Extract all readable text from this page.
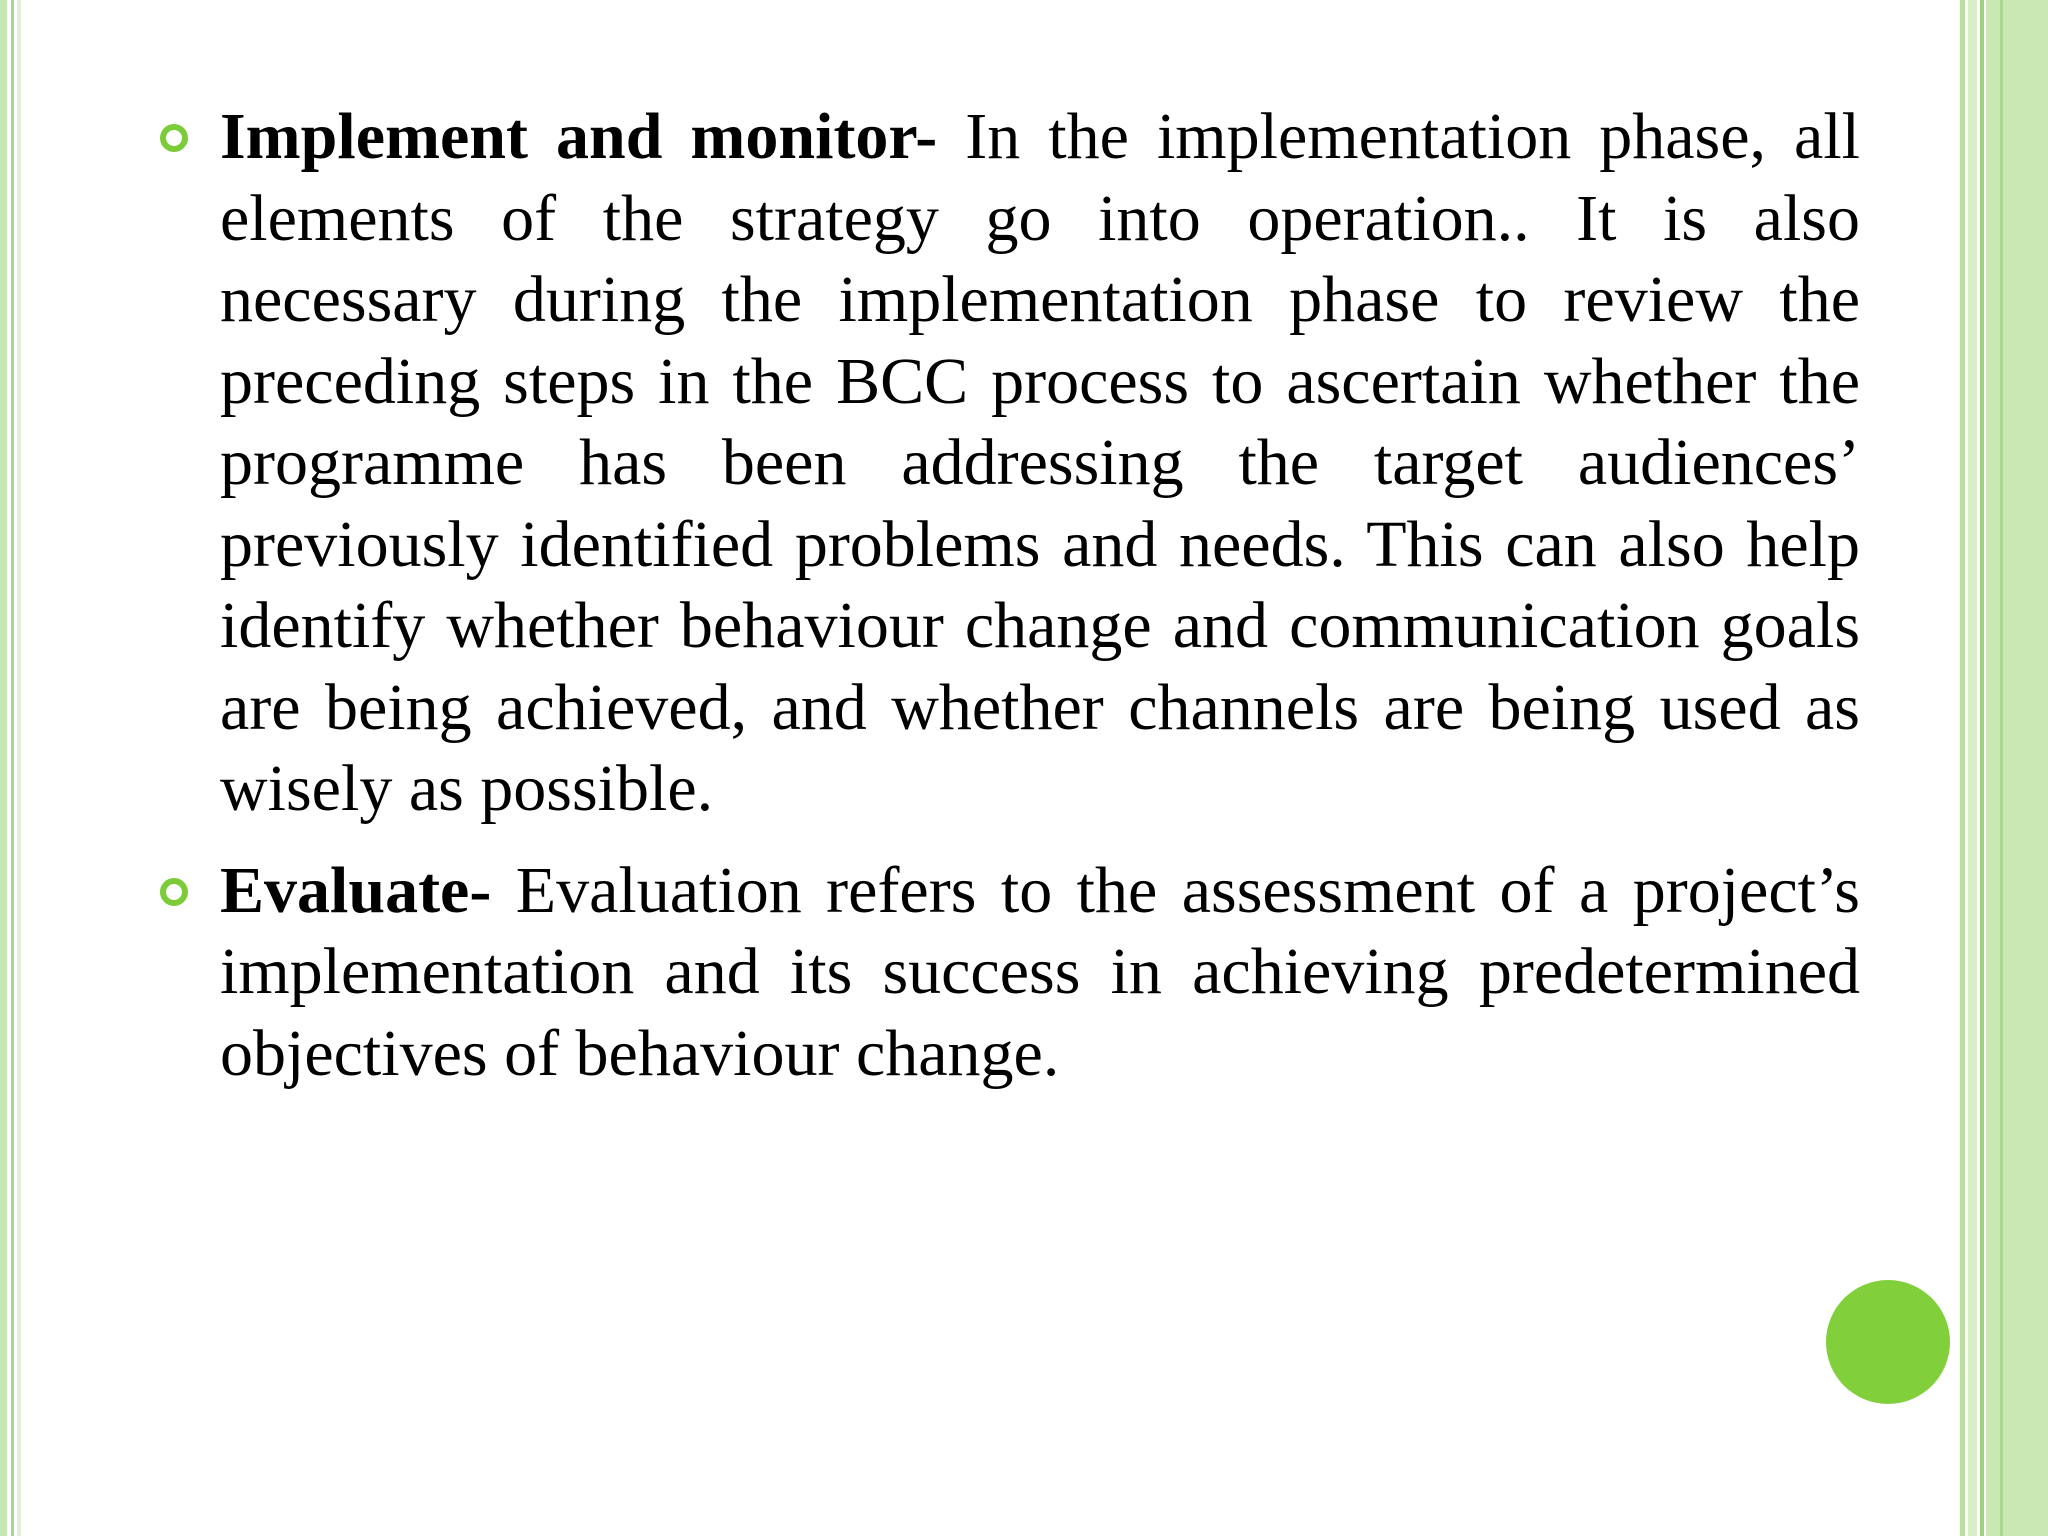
Implement and monitor- In the implementation phase, all elements of the strategy go into operation.. It is also necessary during the implementation phase to review the preceding steps in the BCC process to ascertain whether the programme has been addressing the target audiences’ previously identified problems and needs. This can also help identify whether behaviour change and communication goals are being achieved, and whether channels are being used as wisely as possible.
Evaluate- Evaluation refers to the assessment of a project’s implementation and its success in achieving predetermined objectives of behaviour change.
